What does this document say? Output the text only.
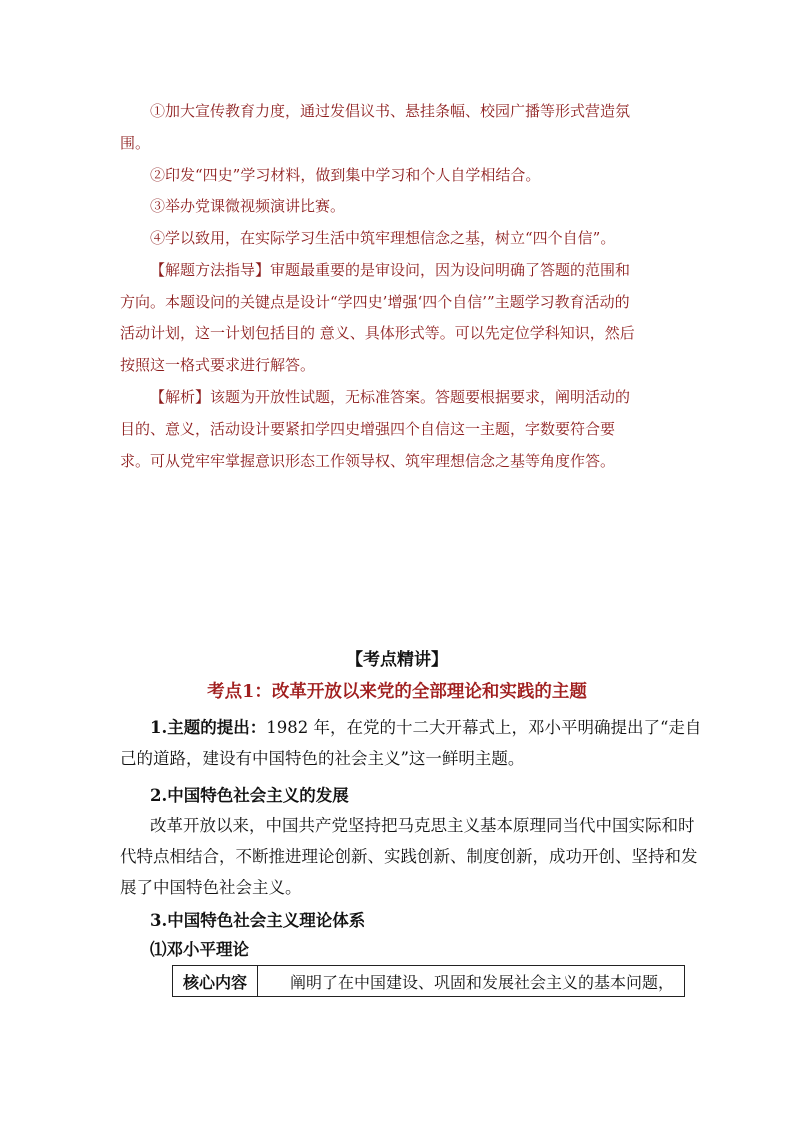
①加大宣传教育力度，通过发倡议书、悬挂条幅、校园广播等形式营造氛
围。
②印发“四史”学习材料，做到集中学习和个人自学相结合。
③举办党课微视频演讲比赛。
④学以致用，在实际学习生活中筑牢理想信念之基，树立“四个自信”。
【解题方法指导】审题最重要的是审设问，因为设问明确了答题的范围和
方向。本题设问的关键点是设计“学四史’增强‘四个自信’”主题学习教育活动的
活动计划，这一计划包括目的 意义、具体形式等。可以先定位学科知识，然后
按照这一格式要求进行解答。
【解析】该题为开放性试题，无标准答案。答题要根据要求，阐明活动的
目的、意义，活动设计要紧扣学四史增强四个自信这一主题，字数要符合要
求。可从党牢牢掌握意识形态工作领导权、筑牢理想信念之基等角度作答。
【考点精讲】
考点1：改革开放以来党的全部理论和实践的主题
1.主题的提出：1982 年，在党的十二大开幕式上，邓小平明确提出了“走自
己的道路，建设有中国特色的社会主义”这一鲜明主题。
2.中国特色社会主义的发展
改革开放以来，中国共产党坚持把马克思主义基本原理同当代中国实际和时
代特点相结合，不断推进理论创新、实践创新、制度创新，成功开创、坚持和发
展了中国特色社会主义。
3.中国特色社会主义理论体系
⑴邓小平理论
核心内容	阐明了在中国建设、巩固和发展社会主义的基本问题，
